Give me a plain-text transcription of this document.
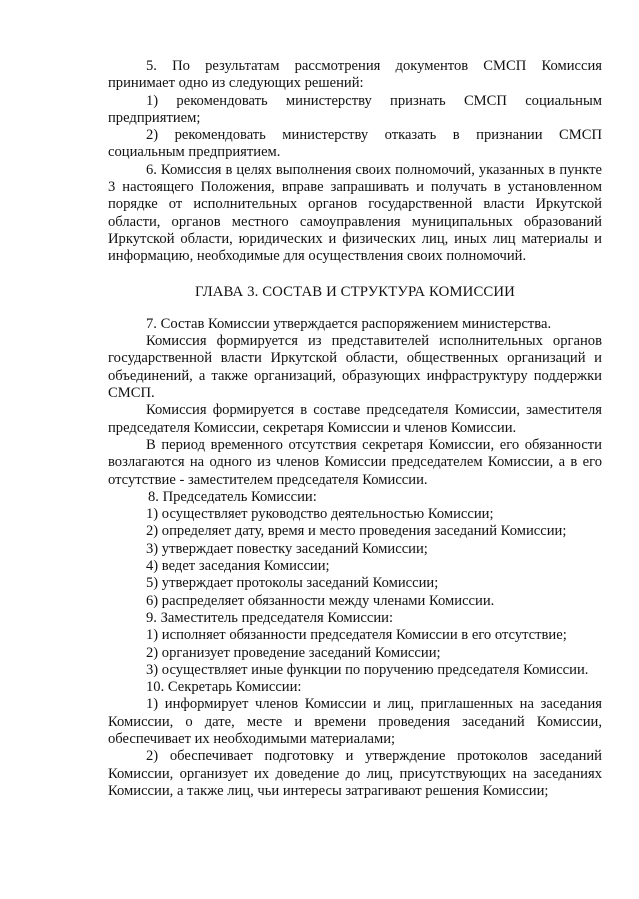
5. По результатам рассмотрения документов СМСП Комиссия принимает одно из следующих решений:

1) рекомендовать министерству признать СМСП социальным предприятием;

2) рекомендовать министерству отказать в признании СМСП социальным предприятием.

6. Комиссия в целях выполнения своих полномочий, указанных в пункте 3 настоящего Положения, вправе запрашивать и получать в установленном порядке от исполнительных органов государственной власти Иркутской области, органов местного самоуправления муниципальных образований Иркутской области, юридических и физических лиц, иных лиц материалы и информацию, необходимые для осуществления своих полномочий.

ГЛАВА 3. СОСТАВ И СТРУКТУРА КОМИССИИ

7. Состав Комиссии утверждается распоряжением министерства.

Комиссия формируется из представителей исполнительных органов государственной власти Иркутской области, общественных организаций и объединений, а также организаций, образующих инфраструктуру поддержки СМСП.

Комиссия формируется в составе председателя Комиссии, заместителя председателя Комиссии, секретаря Комиссии и членов Комиссии.

В период временного отсутствия секретаря Комиссии, его обязанности возлагаются на одного из членов Комиссии председателем Комиссии, а в его отсутствие - заместителем председателя Комиссии.

8. Председатель Комиссии:

1) осуществляет руководство деятельностью Комиссии;

2) определяет дату, время и место проведения заседаний Комиссии;

3) утверждает повестку заседаний Комиссии;

4) ведет заседания Комиссии;

5) утверждает протоколы заседаний Комиссии;

6) распределяет обязанности между членами Комиссии.

9. Заместитель председателя Комиссии:

1) исполняет обязанности председателя Комиссии в его отсутствие;

2) организует проведение заседаний Комиссии;

3) осуществляет иные функции по поручению председателя Комиссии.

10. Секретарь Комиссии:

1) информирует членов Комиссии и лиц, приглашенных на заседания Комиссии, о дате, месте и времени проведения заседаний Комиссии, обеспечивает их необходимыми материалами;

2) обеспечивает подготовку и утверждение протоколов заседаний Комиссии, организует их доведение до лиц, присутствующих на заседаниях Комиссии, а также лиц, чьи интересы затрагивают решения Комиссии;
